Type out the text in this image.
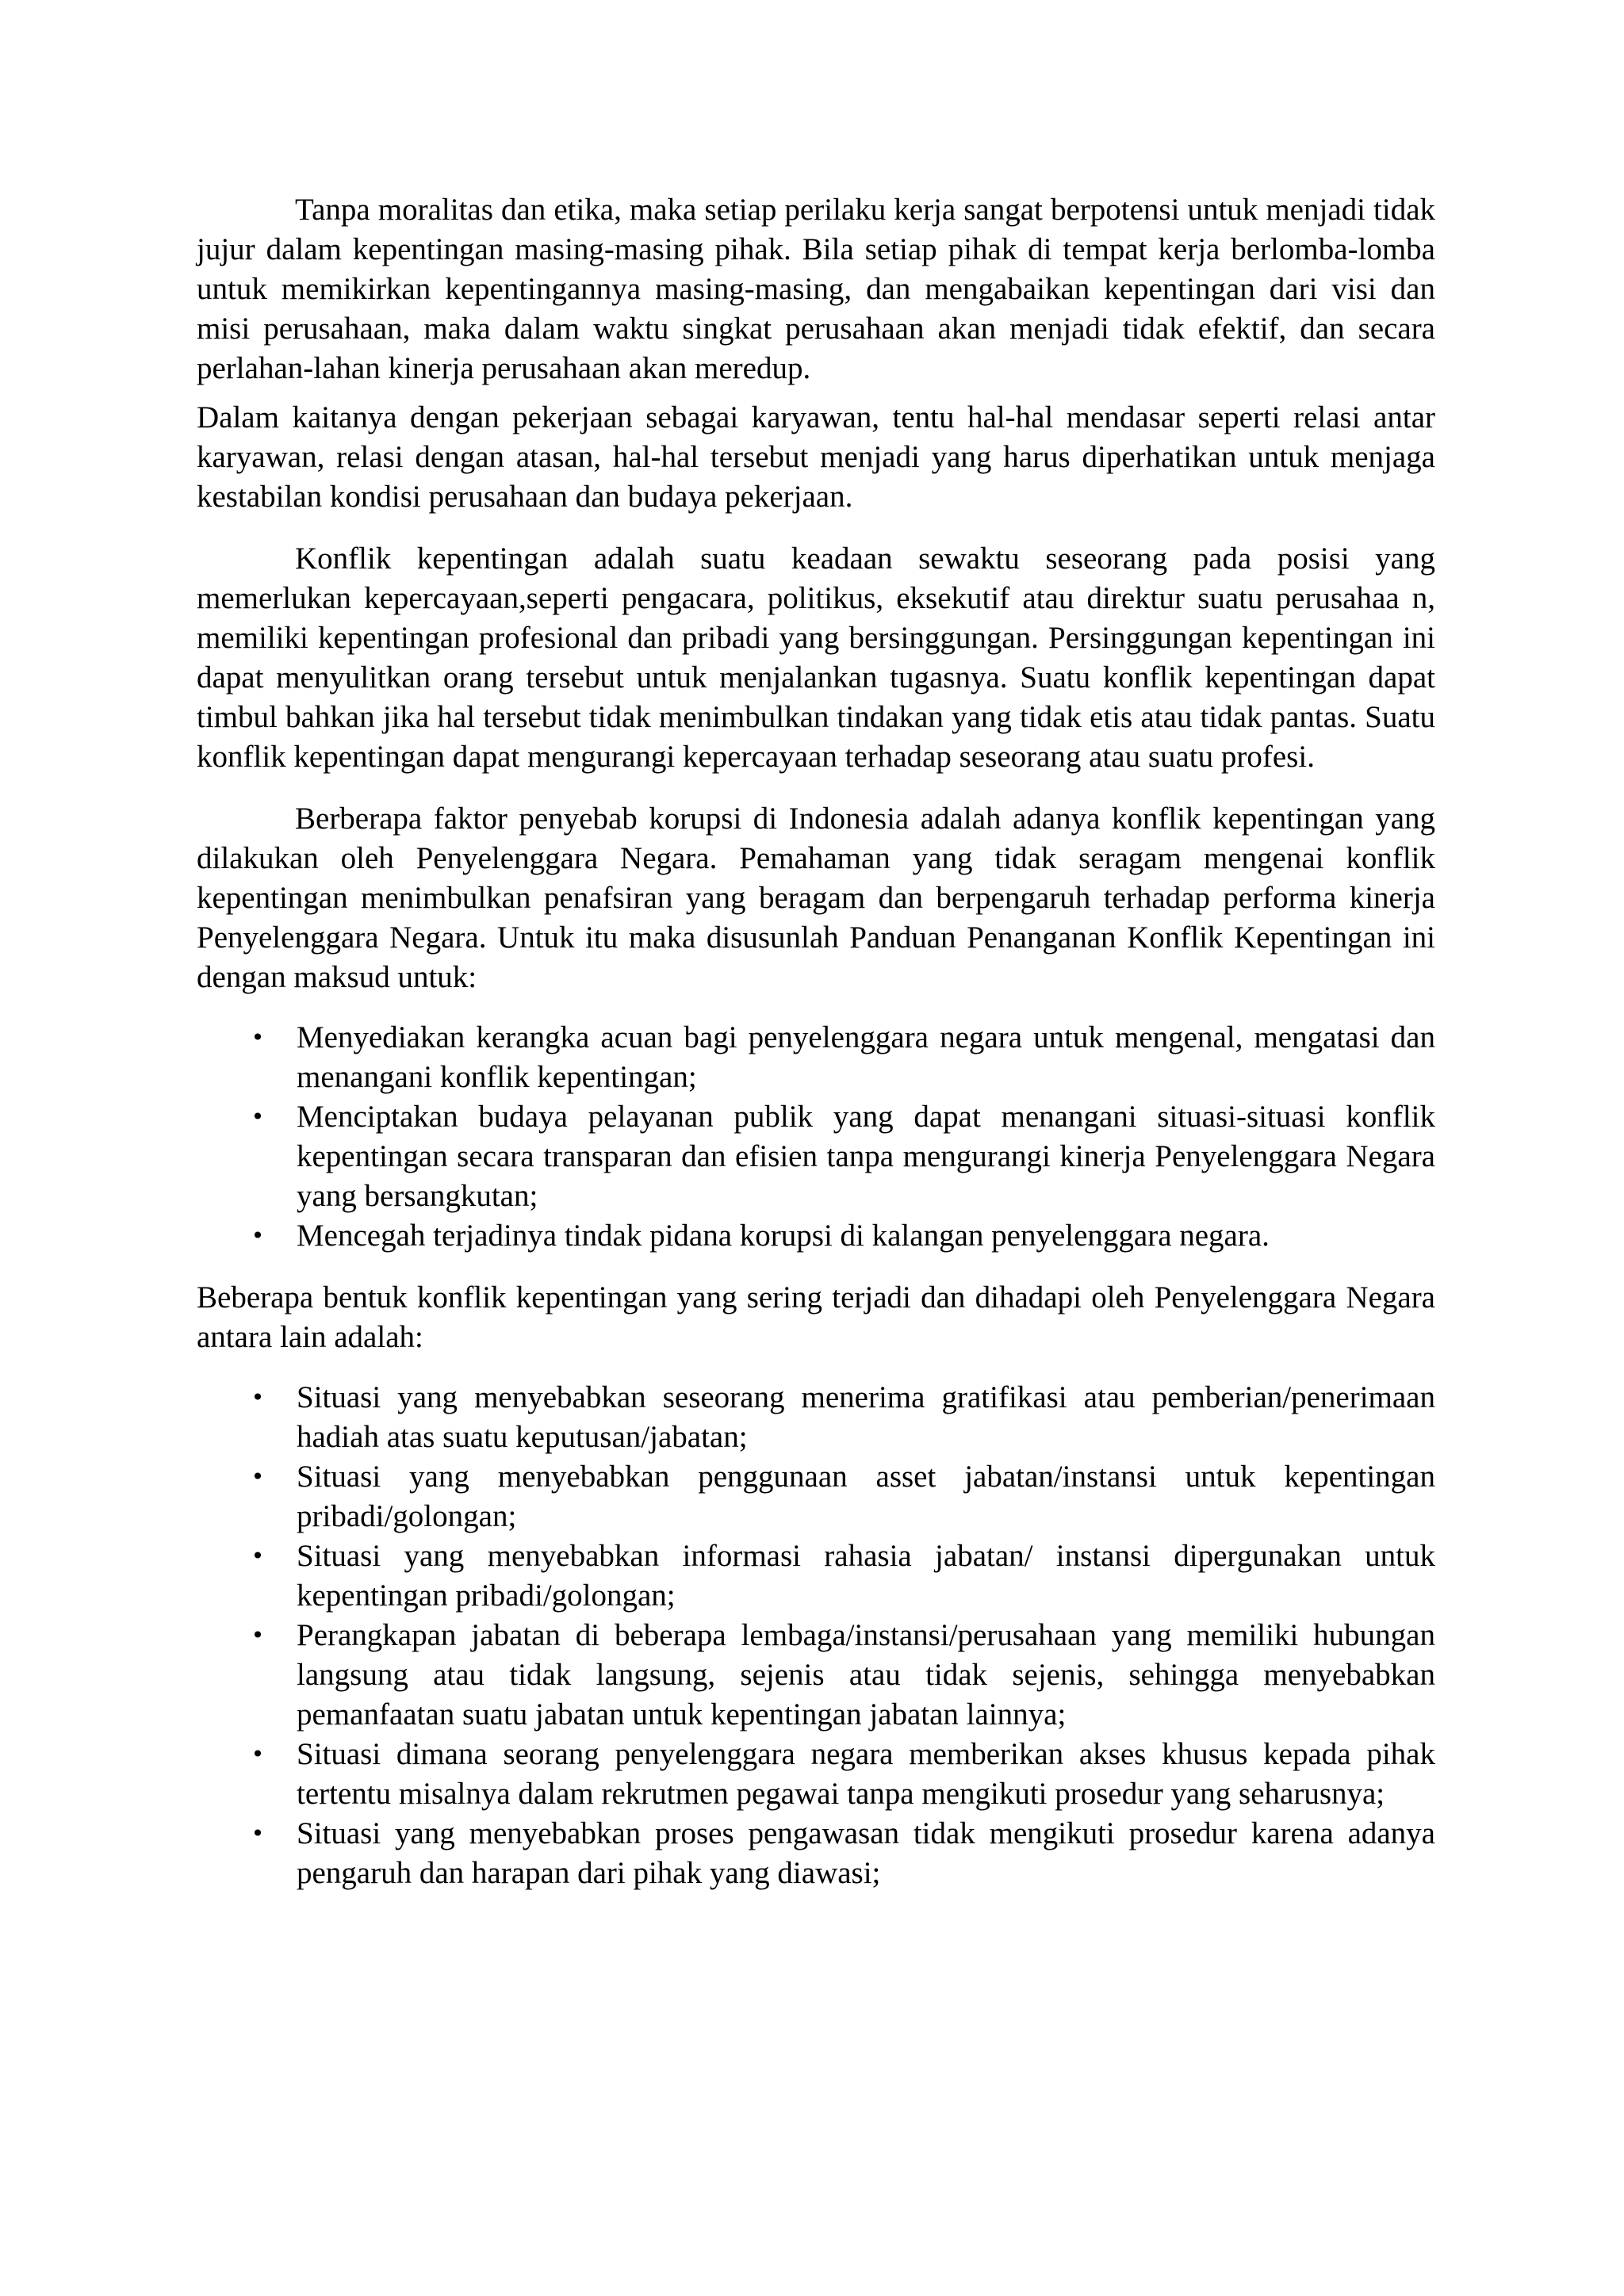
Tanpa moralitas dan etika, maka setiap perilaku kerja sangat berpotensi untuk menjadi tidak jujur dalam kepentingan masing-masing pihak. Bila setiap pihak di tempat kerja berlomba-lomba untuk memikirkan kepentingannya masing-masing, dan mengabaikan kepentingan dari visi dan misi perusahaan, maka dalam waktu singkat perusahaan akan menjadi tidak efektif, dan secara perlahan-lahan kinerja perusahaan akan meredup.

Dalam kaitanya dengan pekerjaan sebagai karyawan, tentu hal-hal mendasar seperti relasi antar karyawan, relasi dengan atasan, hal-hal tersebut menjadi yang harus diperhatikan untuk menjaga kestabilan kondisi perusahaan dan budaya pekerjaan.

Konflik kepentingan adalah suatu keadaan sewaktu seseorang pada posisi yang memerlukan kepercayaan,seperti pengacara, politikus, eksekutif atau direktur suatu perusahaa n, memiliki kepentingan profesional dan pribadi yang bersinggungan. Persinggungan kepentingan ini dapat menyulitkan orang tersebut untuk menjalankan tugasnya. Suatu konflik kepentingan dapat timbul bahkan jika hal tersebut tidak menimbulkan tindakan yang tidak etis atau tidak pantas. Suatu konflik kepentingan dapat mengurangi kepercayaan terhadap seseorang atau suatu profesi.

Berberapa faktor penyebab korupsi di Indonesia adalah adanya konflik kepentingan yang dilakukan oleh Penyelenggara Negara. Pemahaman yang tidak seragam mengenai konflik kepentingan menimbulkan penafsiran yang beragam dan berpengaruh terhadap performa kinerja Penyelenggara Negara. Untuk itu maka disusunlah Panduan Penanganan Konflik Kepentingan ini dengan maksud untuk:

• Menyediakan kerangka acuan bagi penyelenggara negara untuk mengenal, mengatasi dan menangani konflik kepentingan;
• Menciptakan budaya pelayanan publik yang dapat menangani situasi-situasi konflik kepentingan secara transparan dan efisien tanpa mengurangi kinerja Penyelenggara Negara yang bersangkutan;
• Mencegah terjadinya tindak pidana korupsi di kalangan penyelenggara negara.

Beberapa bentuk konflik kepentingan yang sering terjadi dan dihadapi oleh Penyelenggara Negara antara lain adalah:

• Situasi yang menyebabkan seseorang menerima gratifikasi atau pemberian/penerimaan hadiah atas suatu keputusan/jabatan;
• Situasi yang menyebabkan penggunaan asset jabatan/instansi untuk kepentingan pribadi/golongan;
• Situasi yang menyebabkan informasi rahasia jabatan/ instansi dipergunakan untuk kepentingan pribadi/golongan;
• Perangkapan jabatan di beberapa lembaga/instansi/perusahaan yang memiliki hubungan langsung atau tidak langsung, sejenis atau tidak sejenis, sehingga menyebabkan pemanfaatan suatu jabatan untuk kepentingan jabatan lainnya;
• Situasi dimana seorang penyelenggara negara memberikan akses khusus kepada pihak tertentu misalnya dalam rekrutmen pegawai tanpa mengikuti prosedur yang seharusnya;
• Situasi yang menyebabkan proses pengawasan tidak mengikuti prosedur karena adanya pengaruh dan harapan dari pihak yang diawasi;
